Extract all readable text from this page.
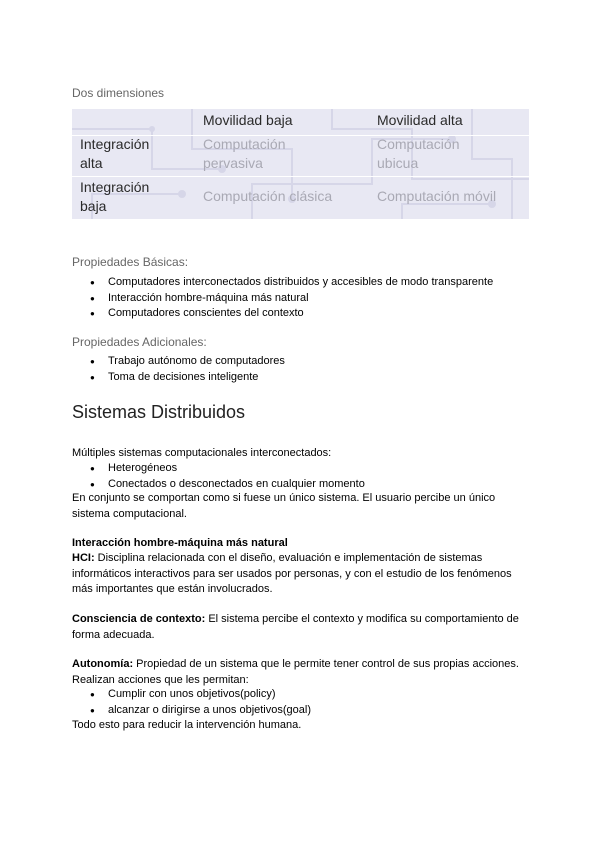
Dos dimensiones
Movilidad baja	Movilidad alta
Integración
alta
Computación
pervasiva
Computación
ubicua
Integración
baja
Computación clásica	Computación móvil
Propiedades Básicas:
● Computadores interconectados distribuidos y accesibles de modo transparente
● Interacción hombre-máquina más natural
● Computadores conscientes del contexto
Propiedades Adicionales:
● Trabajo autónomo de computadores
● Toma de decisiones inteligente
Sistemas Distribuidos
Múltiples sistemas computacionales interconectados:
● Heterogéneos
● Conectados o desconectados en cualquier momento
En conjunto se comportan como si fuese un único sistema. El usuario percibe un único
sistema computacional.
Interacción hombre-máquina más natural
HCI: Disciplina relacionada con el diseño, evaluación e implementación de sistemas
informáticos interactivos para ser usados por personas, y con el estudio de los fenómenos
más importantes que están involucrados.
Consciencia de contexto: El sistema percibe el contexto y modifica su comportamiento de
forma adecuada.
Autonomía: Propiedad de un sistema que le permite tener control de sus propias acciones.
Realizan acciones que les permitan:
● Cumplir con unos objetivos(policy)
● alcanzar o dirigirse a unos objetivos(goal)
Todo esto para reducir la intervención humana.
